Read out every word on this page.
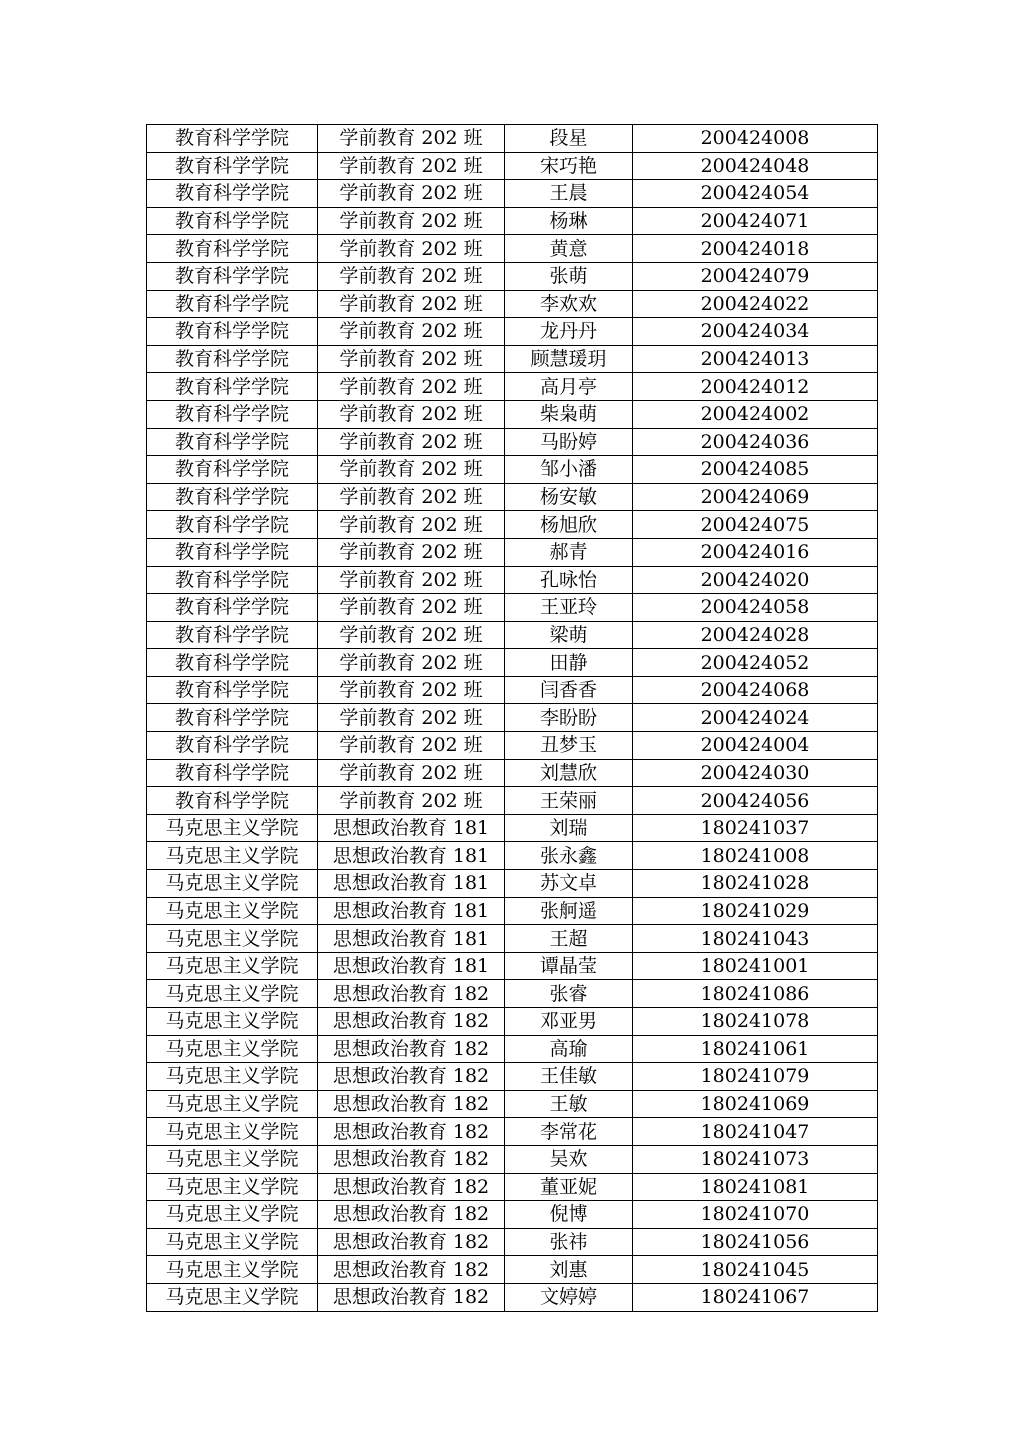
教育科学学院	学前教育 202 班	段星	200424008
教育科学学院	学前教育 202 班	宋巧艳	200424048
教育科学学院	学前教育 202 班	王晨	200424054
教育科学学院	学前教育 202 班	杨琳	200424071
教育科学学院	学前教育 202 班	黄意	200424018
教育科学学院	学前教育 202 班	张萌	200424079
教育科学学院	学前教育 202 班	李欢欢	200424022
教育科学学院	学前教育 202 班	龙丹丹	200424034
教育科学学院	学前教育 202 班	顾慧瑗玥	200424013
教育科学学院	学前教育 202 班	高月亭	200424012
教育科学学院	学前教育 202 班	柴枭萌	200424002
教育科学学院	学前教育 202 班	马盼婷	200424036
教育科学学院	学前教育 202 班	邹小潘	200424085
教育科学学院	学前教育 202 班	杨安敏	200424069
教育科学学院	学前教育 202 班	杨旭欣	200424075
教育科学学院	学前教育 202 班	郝青	200424016
教育科学学院	学前教育 202 班	孔咏怡	200424020
教育科学学院	学前教育 202 班	王亚玲	200424058
教育科学学院	学前教育 202 班	梁萌	200424028
教育科学学院	学前教育 202 班	田静	200424052
教育科学学院	学前教育 202 班	闫香香	200424068
教育科学学院	学前教育 202 班	李盼盼	200424024
教育科学学院	学前教育 202 班	丑梦玉	200424004
教育科学学院	学前教育 202 班	刘慧欣	200424030
教育科学学院	学前教育 202 班	王荣丽	200424056
马克思主义学院	思想政治教育 181	刘瑞	180241037
马克思主义学院	思想政治教育 181	张永鑫	180241008
马克思主义学院	思想政治教育 181	苏文卓	180241028
马克思主义学院	思想政治教育 181	张舸遥	180241029
马克思主义学院	思想政治教育 181	王超	180241043
马克思主义学院	思想政治教育 181	谭晶莹	180241001
马克思主义学院	思想政治教育 182	张睿	180241086
马克思主义学院	思想政治教育 182	邓亚男	180241078
马克思主义学院	思想政治教育 182	高瑜	180241061
马克思主义学院	思想政治教育 182	王佳敏	180241079
马克思主义学院	思想政治教育 182	王敏	180241069
马克思主义学院	思想政治教育 182	李常花	180241047
马克思主义学院	思想政治教育 182	吴欢	180241073
马克思主义学院	思想政治教育 182	董亚妮	180241081
马克思主义学院	思想政治教育 182	倪博	180241070
马克思主义学院	思想政治教育 182	张祎	180241056
马克思主义学院	思想政治教育 182	刘惠	180241045
马克思主义学院	思想政治教育 182	文婷婷	180241067
